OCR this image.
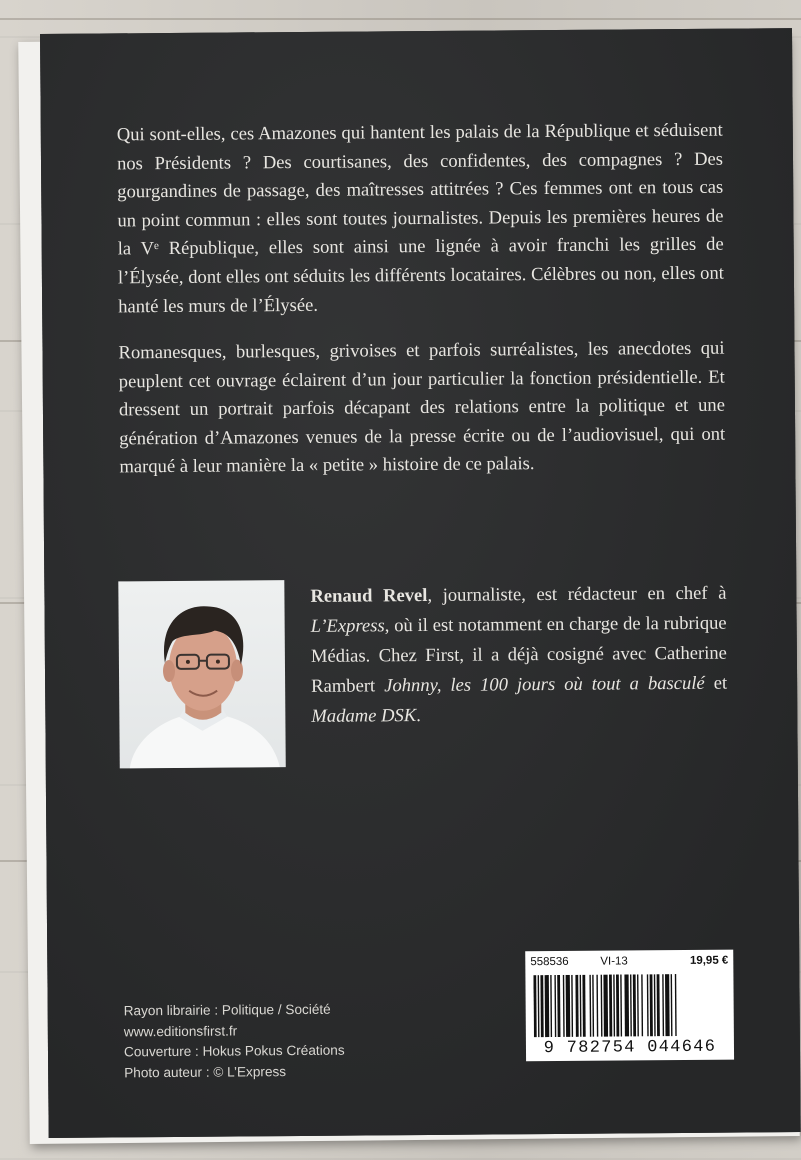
Qui sont-elles, ces Amazones qui hantent les palais de la République et séduisent nos Présidents ? Des courtisanes, des confidentes, des compagnes ? Des gourgandines de passage, des maîtresses attitrées ? Ces femmes ont en tous cas un point commun : elles sont toutes journalistes. Depuis les premières heures de la Vᵉ République, elles sont ainsi une lignée à avoir franchi les grilles de l’Élysée, dont elles ont séduits les différents locataires. Célèbres ou non, elles ont hanté les murs de l’Élysée.

Romanesques, burlesques, grivoises et parfois surréalistes, les anecdotes qui peuplent cet ouvrage éclairent d’un jour particulier la fonction présidentielle. Et dressent un portrait parfois décapant des relations entre la politique et une génération d’Amazones venues de la presse écrite ou de l’audiovisuel, qui ont marqué à leur manière la « petite » histoire de ce palais.

Renaud Revel, journaliste, est rédacteur en chef à L’Express, où il est notamment en charge de la rubrique Médias. Chez First, il a déjà cosigné avec Catherine Rambert Johnny, les 100 jours où tout a basculé et Madame DSK.
Rayon librairie : Politique / Société
www.editionsfirst.fr
Couverture : Hokus Pokus Créations
Photo auteur : © L’Express
558536	VI-13	19,95 €
9 782754 044646
